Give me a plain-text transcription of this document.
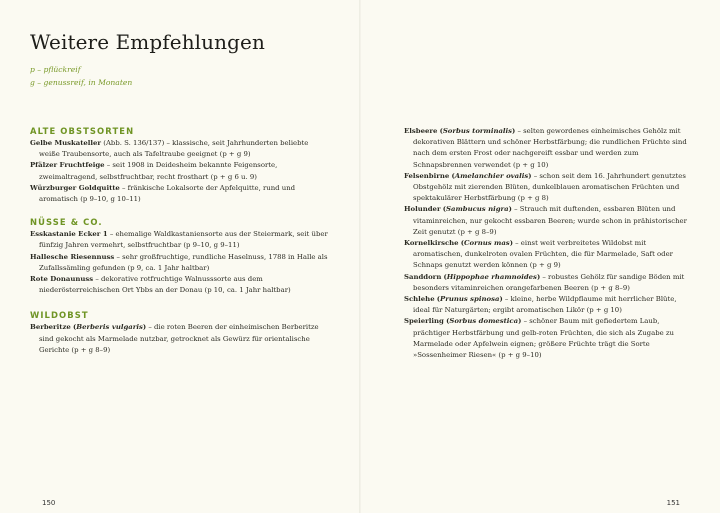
Weitere Empfehlungen
p – pflückreif
g – genussreif, in Monaten
ALTE OBSTSORTEN

Gelbe Muskateller (Abb. S. 136/137) – klassische, seit Jahrhunderten beliebte weiße Traubensorte, auch als Tafeltraube geeignet (p + g 9)

Pfälzer Fruchtfeige – seit 1908 in Deidesheim bekannte Feigensorte, zweimaltragend, selbstfruchtbar, recht frosthart (p + g 6 u. 9)

Würzburger Goldquitte – fränkische Lokalsorte der Apfelquitte, rund und aromatisch (p 9–10, g 10–11)

NÜSSE & CO.

Esskastanie Ecker 1 – ehemalige Waldkastaniensorte aus der Steiermark, seit über fünfzig Jahren vermehrt, selbstfruchtbar (p 9–10, g 9–11)

Hallesche Riesennuss – sehr großfruchtige, rundliche Haselnuss, 1788 in Halle als Zufallssämling gefunden (p 9, ca. 1 Jahr haltbar)

Rote Donaunuss – dekorative rotfruchtige Walnusssorte aus dem niederösterreichischen Ort Ybbs an der Donau (p 10, ca. 1 Jahr haltbar)

WILDOBST

Berberitze (Berberis vulgaris) – die roten Beeren der einheimischen Berberitze sind gekocht als Marmelade nutzbar, getrocknet als Gewürz für orientalische Gerichte (p + g 8–9)

Elsbeere (Sorbus torminalis) – selten gewordenes einheimisches Gehölz mit dekorativen Blättern und schöner Herbstfärbung; die rundlichen Früchte sind nach dem ersten Frost oder nachgereift essbar und werden zum Schnapsbrennen verwendet (p + g 10)

Felsenbirne (Amelanchier ovalis) – schon seit dem 16. Jahrhundert genutztes Obstgehölz mit zierenden Blüten, dunkelblauen aromatischen Früchten und spektakulärer Herbstfärbung (p + g 8)

Holunder (Sambucus nigra) – Strauch mit duftenden, essbaren Blüten und vitaminreichen, nur gekocht essbaren Beeren; wurde schon in prähistorischer Zeit genutzt (p + g 8–9)

Kornelkirsche (Cornus mas) – einst weit verbreitetes Wildobst mit aromatischen, dunkelroten ovalen Früchten, die für Marmelade, Saft oder Schnaps genutzt werden können (p + g 9)

Sanddorn (Hippophae rhamnoides) – robustes Gehölz für sandige Böden mit besonders vitaminreichen orangefarbenen Beeren (p + g 8–9)

Schlehe (Prunus spinosa) – kleine, herbe Wildpflaume mit herrlicher Blüte, ideal für Naturgärten; ergibt aromatischen Likör (p + g 10)

Speierling (Sorbus domestica) – schöner Baum mit gefiedertem Laub, prächtiger Herbstfärbung und gelb-roten Früchten, die sich als Zugabe zu Marmelade oder Apfelwein eignen; größere Früchte trägt die Sorte »Sossenheimer Riesen« (p + g 9–10)

150	151
